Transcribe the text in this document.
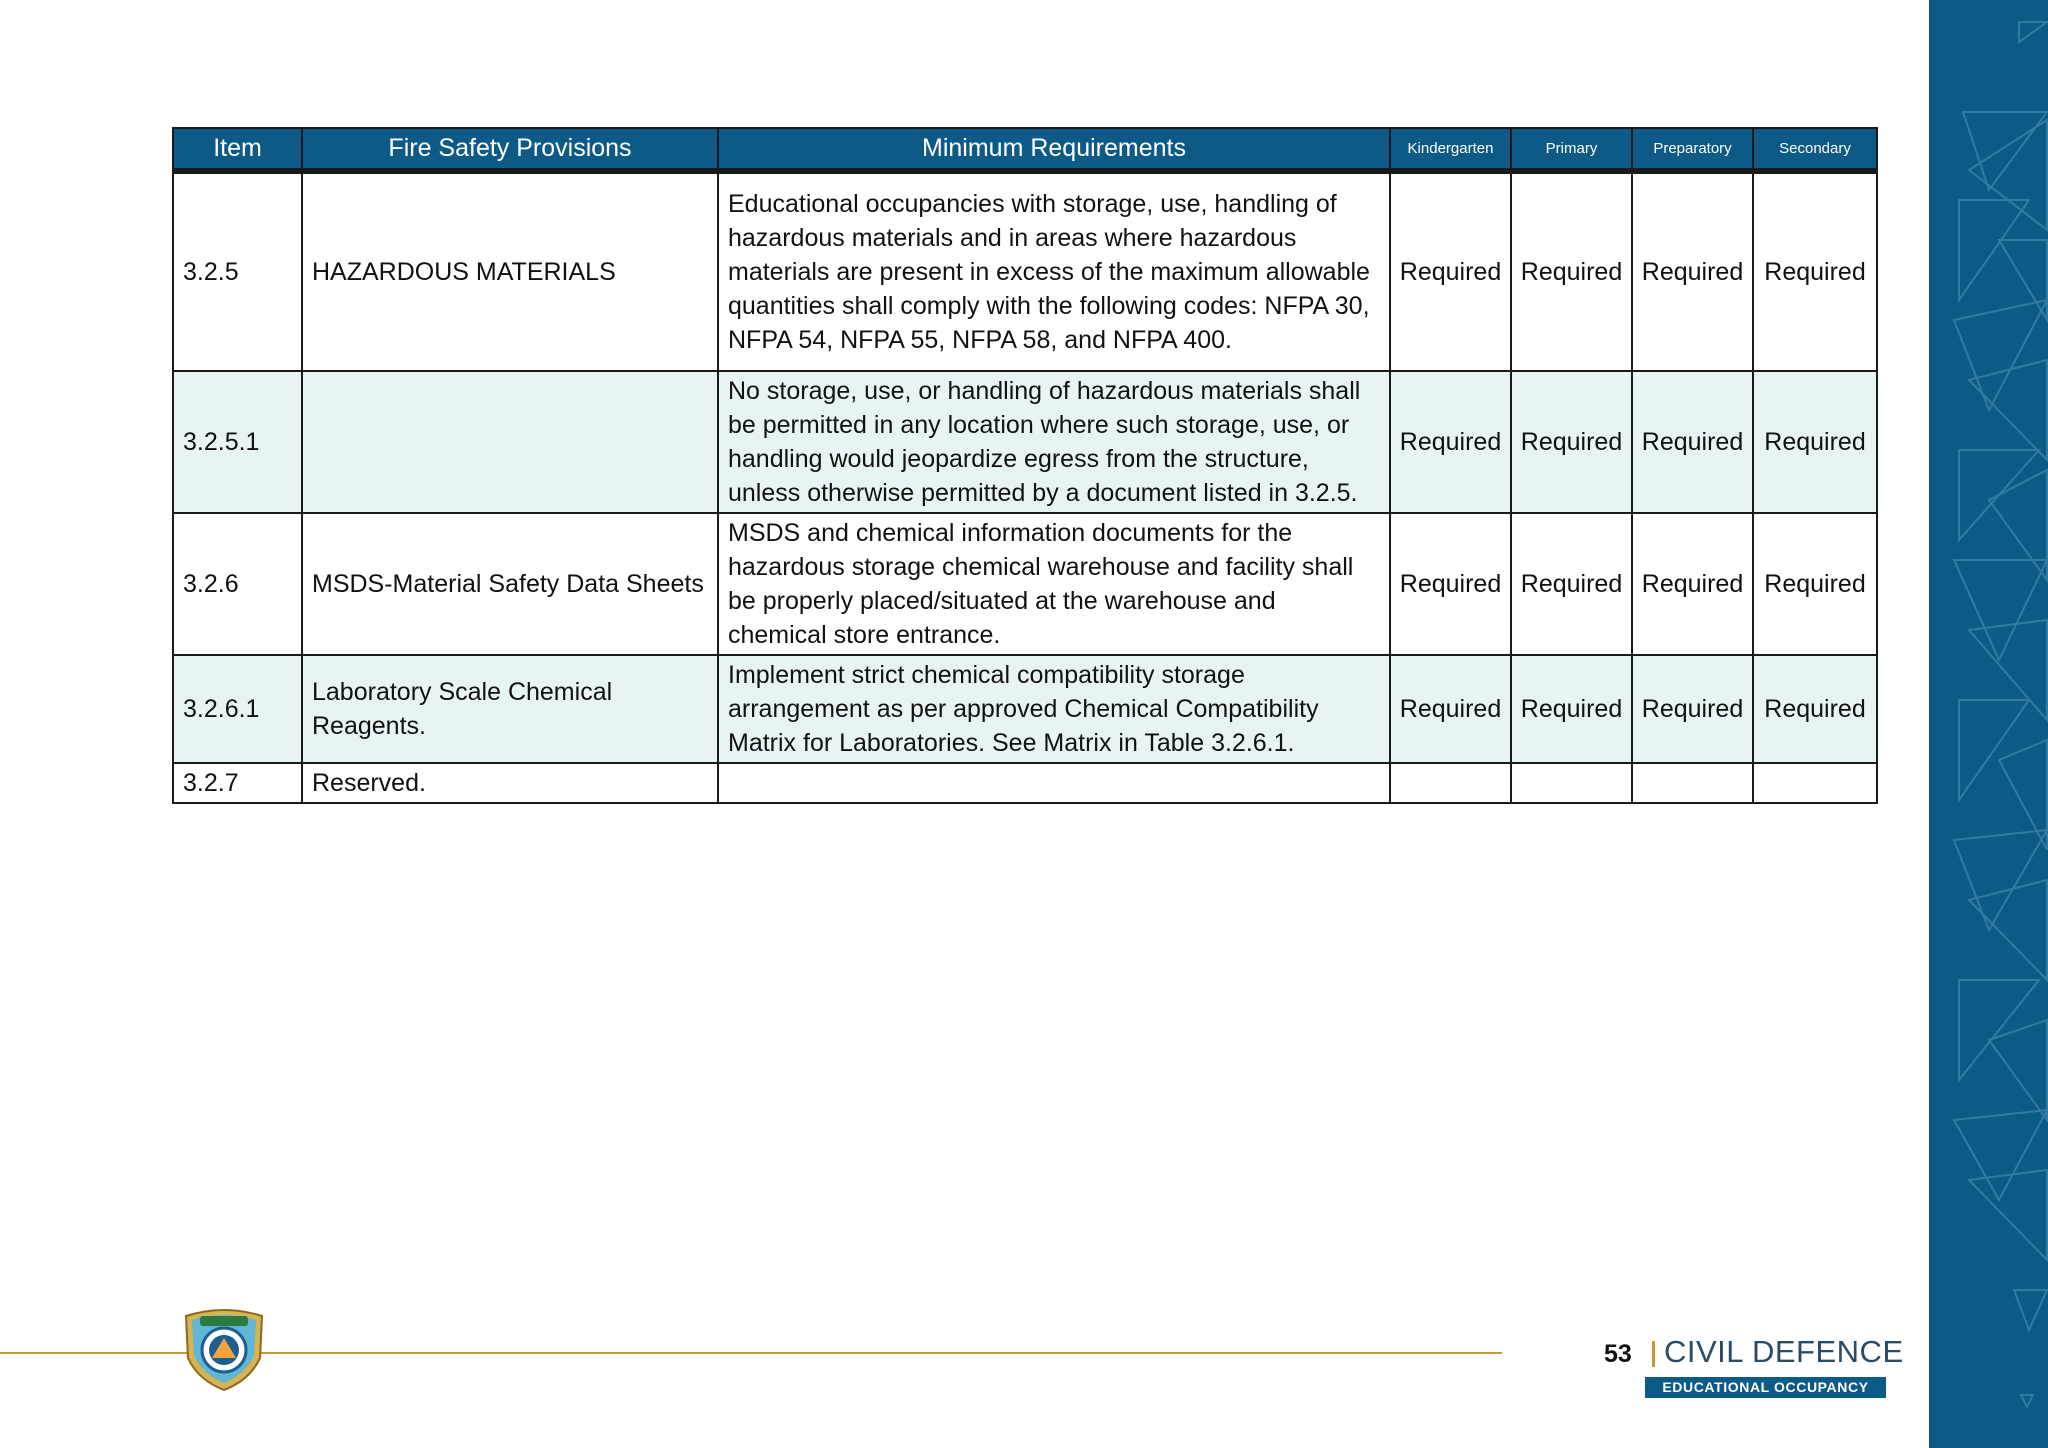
Item	Fire Safety Provisions	Minimum Requirements	Kindergarten	Primary	Preparatory	Secondary
3.2.5	HAZARDOUS MATERIALS	Educational occupancies with storage, use, handling of hazardous materials and in areas where hazardous materials are present in excess of the maximum allowable quantities shall comply with the following codes: NFPA 30, NFPA 54, NFPA 55, NFPA 58, and NFPA 400.	Required	Required	Required	Required
3.2.5.1		No storage, use, or handling of hazardous materials shall be permitted in any location where such storage, use, or handling would jeopardize egress from the structure, unless otherwise permitted by a document listed in 3.2.5.	Required	Required	Required	Required
3.2.6	MSDS-Material Safety Data Sheets	MSDS and chemical information documents for the hazardous storage chemical warehouse and facility shall be properly placed/situated at the warehouse and chemical store entrance.	Required	Required	Required	Required
3.2.6.1	Laboratory Scale Chemical Reagents.	Implement strict chemical compatibility storage arrangement as per approved Chemical Compatibility Matrix for Laboratories. See Matrix in Table 3.2.6.1.	Required	Required	Required	Required
3.2.7	Reserved.					
53 CIVIL DEFENCE
EDUCATIONAL OCCUPANCY
